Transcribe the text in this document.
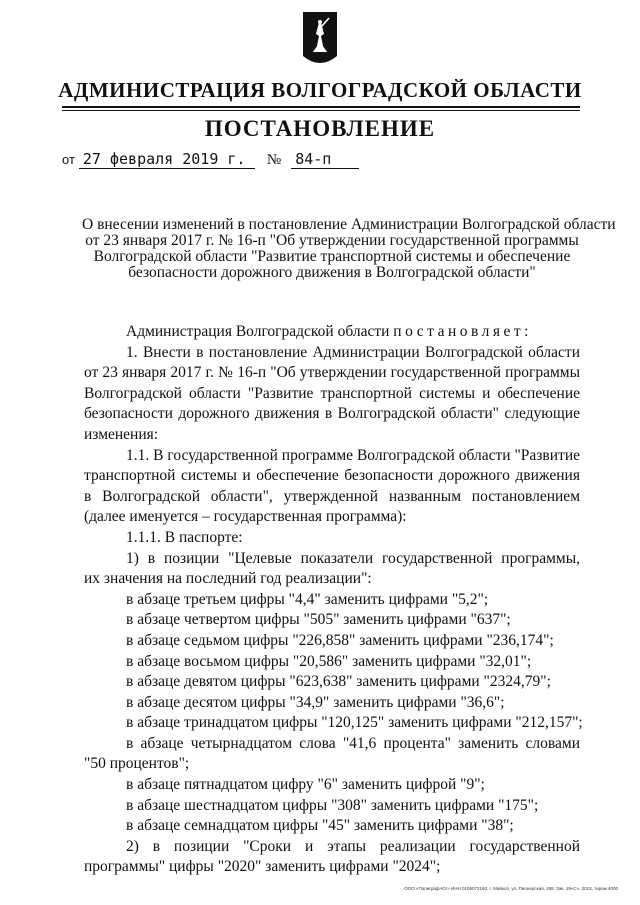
АДМИНИСТРАЦИЯ ВОЛГОГРАДСКОЙ ОБЛАСТИ
ПОСТАНОВЛЕНИЕ
от 27 февраля 2019 г. № 84-п
О внесении изменений в постановление Администрации Волгоградской области
от 23 января 2017 г. № 16-п "Об утверждении государственной программы
Волгоградской области "Развитие транспортной системы и обеспечение
безопасности дорожного движения в Волгоградской области"
Администрация Волгоградской области постановляет:
1. Внести в постановление Администрации Волгоградской области
от 23 января 2017 г. № 16-п "Об утверждении государственной программы
Волгоградской области "Развитие транспортной системы и обеспечение
безопасности дорожного движения в Волгоградской области" следующие
изменения:
1.1. В государственной программе Волгоградской области "Развитие
транспортной системы и обеспечение безопасности дорожного движения
в Волгоградской области", утвержденной названным постановлением
(далее именуется – государственная программа):
1.1.1. В паспорте:
1) в позиции "Целевые показатели государственной программы,
их значения на последний год реализации":
в абзаце третьем цифры "4,4" заменить цифрами "5,2";
в абзаце четвертом цифры "505" заменить цифрами "637";
в абзаце седьмом цифры "226,858" заменить цифрами "236,174";
в абзаце восьмом цифры "20,586" заменить цифрами "32,01";
в абзаце девятом цифры "623,638" заменить цифрами "2324,79";
в абзаце десятом цифры "34,9" заменить цифрами "36,6";
в абзаце тринадцатом цифры "120,125" заменить цифрами "212,157";
в абзаце четырнадцатом слова "41,6 процента" заменить словами
"50 процентов";
в абзаце пятнадцатом цифру "6" заменить цифрой "9";
в абзаце шестнадцатом цифры "308" заменить цифрами "175";
в абзаце семнадцатом цифры "45" заменить цифрами "38";
2) в позиции "Сроки и этапы реализации государственной
программы" цифры "2020" заменить цифрами "2024";
ООО «Полиграф-Юг» ИНН 0105072160, г. Майкоп, ул. Пионерская, 268. Зак. 19«С», 2013, тираж 4000
